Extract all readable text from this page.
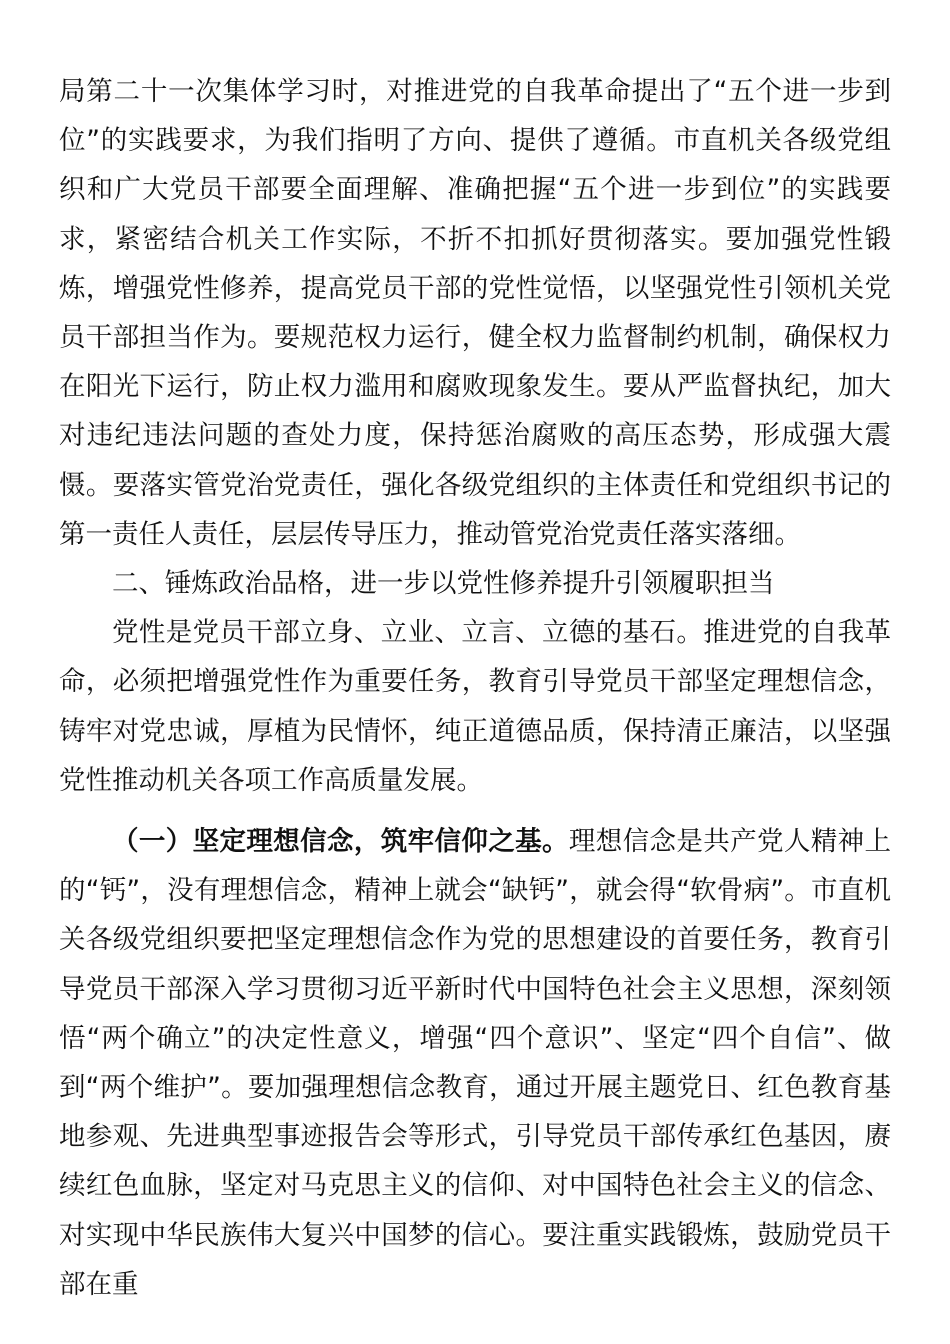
局第二十一次集体学习时，对推进党的自我革命提出了“五个进一步到位”的实践要求，为我们指明了方向、提供了遵循。市直机关各级党组织和广大党员干部要全面理解、准确把握“五个进一步到位”的实践要求，紧密结合机关工作实际，不折不扣抓好贯彻落实。要加强党性锻炼，增强党性修养，提高党员干部的党性觉悟，以坚强党性引领机关党员干部担当作为。要规范权力运行，健全权力监督制约机制，确保权力在阳光下运行，防止权力滥用和腐败现象发生。要从严监督执纪，加大对违纪违法问题的查处力度，保持惩治腐败的高压态势，形成强大震慑。要落实管党治党责任，强化各级党组织的主体责任和党组织书记的第一责任人责任，层层传导压力，推动管党治党责任落实落细。

二、锤炼政治品格，进一步以党性修养提升引领履职担当

党性是党员干部立身、立业、立言、立德的基石。推进党的自我革命，必须把增强党性作为重要任务，教育引导党员干部坚定理想信念，铸牢对党忠诚，厚植为民情怀，纯正道德品质，保持清正廉洁，以坚强党性推动机关各项工作高质量发展。

（一）坚定理想信念，筑牢信仰之基。理想信念是共产党人精神上的“钙”，没有理想信念，精神上就会“缺钙”，就会得“软骨病”。市直机关各级党组织要把坚定理想信念作为党的思想建设的首要任务，教育引导党员干部深入学习贯彻习近平新时代中国特色社会主义思想，深刻领悟“两个确立”的决定性意义，增强“四个意识”、坚定“四个自信”、做到“两个维护”。要加强理想信念教育，通过开展主题党日、红色教育基地参观、先进典型事迹报告会等形式，引导党员干部传承红色基因，赓续红色血脉，坚定对马克思主义的信仰、对中国特色社会主义的信念、对实现中华民族伟大复兴中国梦的信心。要注重实践锻炼，鼓励党员干部在重
